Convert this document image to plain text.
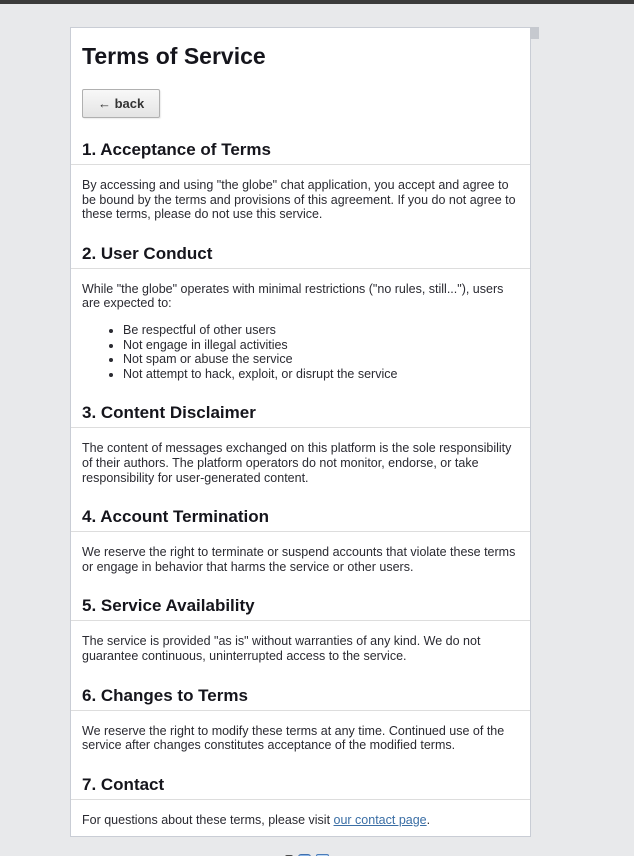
Terms of Service
← back
1. Acceptance of Terms

By accessing and using "the globe" chat application, you accept and agree to be bound by the terms and provisions of this agreement. If you do not agree to these terms, please do not use this service.

2. User Conduct

While "the globe" operates with minimal restrictions ("no rules, still..."), users are expected to:

• Be respectful of other users
• Not engage in illegal activities
• Not spam or abuse the service
• Not attempt to hack, exploit, or disrupt the service
3. Content Disclaimer

The content of messages exchanged on this platform is the sole responsibility of their authors. The platform operators do not monitor, endorse, or take responsibility for user-generated content.

4. Account Termination

We reserve the right to terminate or suspend accounts that violate these terms or engage in behavior that harms the service or other users.

5. Service Availability

The service is provided "as is" without warranties of any kind. We do not guarantee continuous, uninterrupted access to the service.

6. Changes to Terms

We reserve the right to modify these terms at any time. Continued use of the service after changes constitutes acceptance of the modified terms.

7. Contact

For questions about these terms, please visit our contact page.
